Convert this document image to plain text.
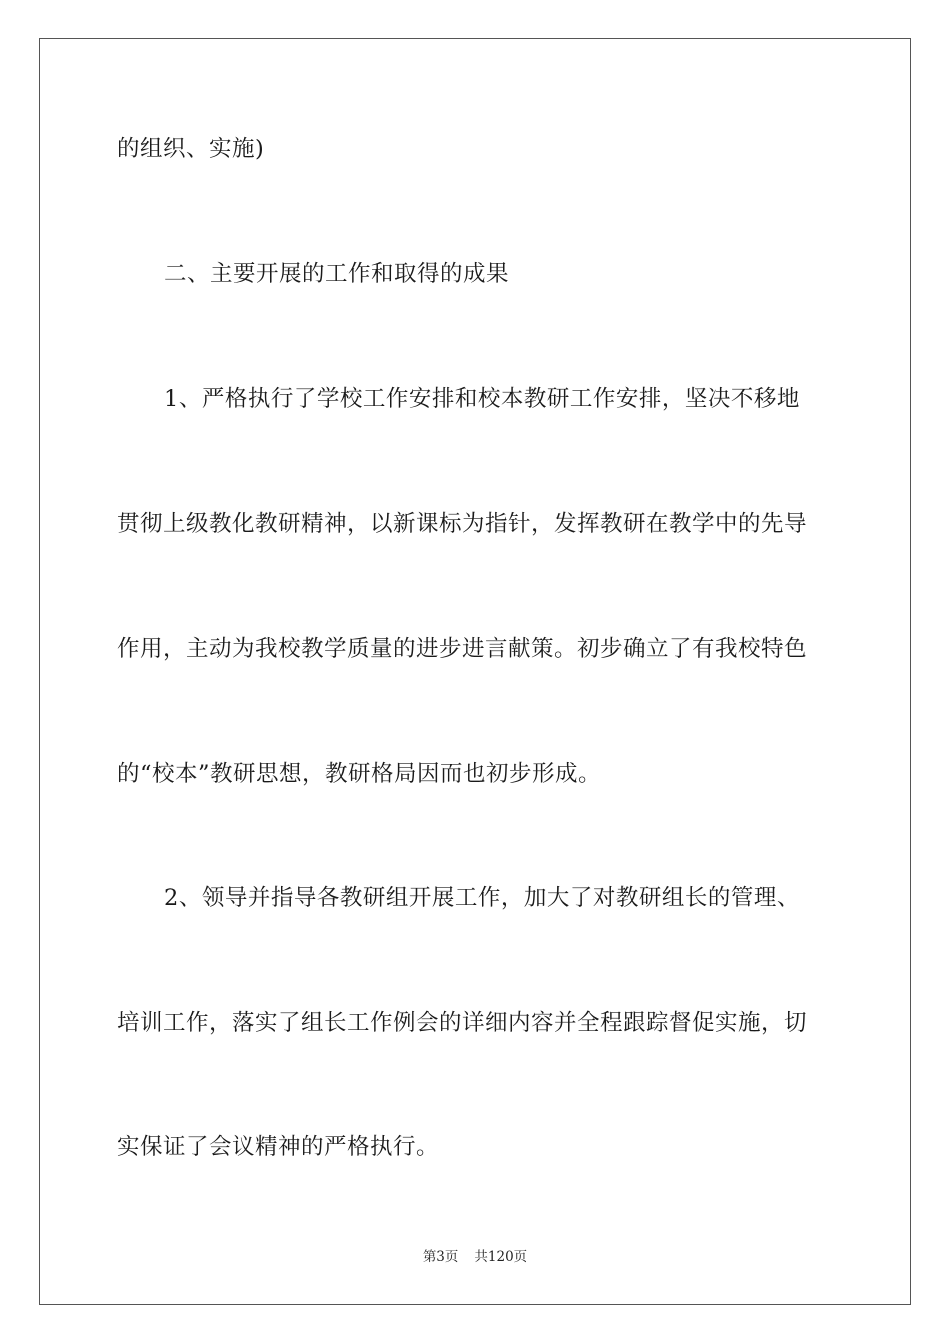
的组织、实施)
二、主要开展的工作和取得的成果
1、严格执行了学校工作安排和校本教研工作安排，坚决不移地
贯彻上级教化教研精神，以新课标为指针，发挥教研在教学中的先导
作用，主动为我校教学质量的进步进言献策。初步确立了有我校特色
的“校本”教研思想，教研格局因而也初步形成。
2、领导并指导各教研组开展工作，加大了对教研组长的管理、
培训工作，落实了组长工作例会的详细内容并全程跟踪督促实施，切
实保证了会议精神的严格执行。
第3页 共120页
